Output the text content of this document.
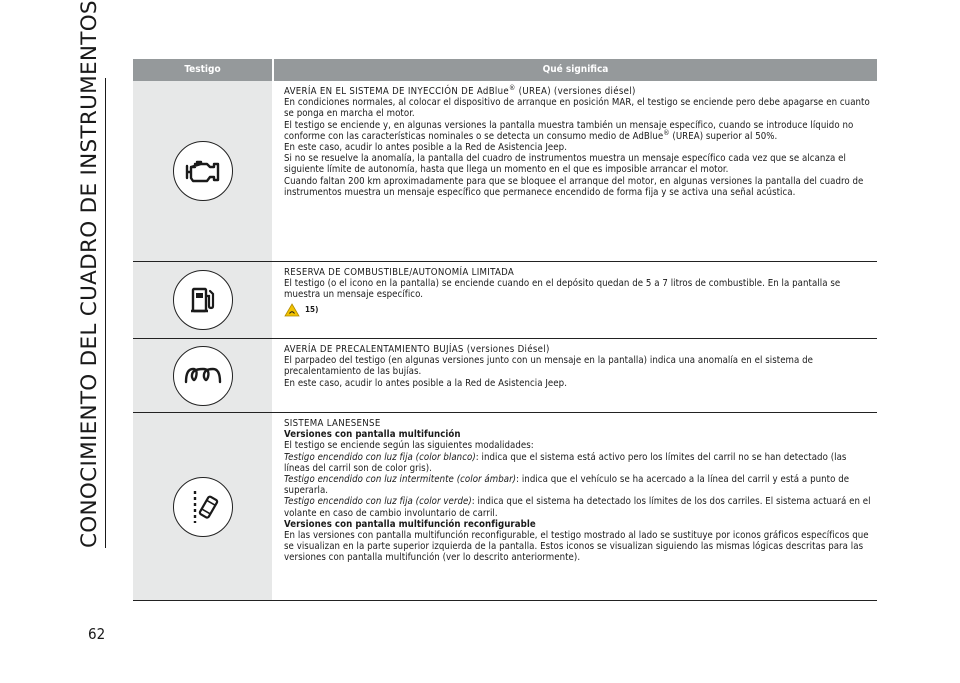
CONOCIMIENTO DEL CUADRO DE INSTRUMENTOS
62
Testigo	Qué significa

AVERÍA EN EL SISTEMA DE INYECCIÓN DE AdBlue® (UREA) (versiones diésel)

En condiciones normales, al colocar el dispositivo de arranque en posición MAR, el testigo se enciende pero debe apagarse en cuanto se ponga en marcha el motor.

El testigo se enciende y, en algunas versiones la pantalla muestra también un mensaje específico, cuando se introduce líquido no conforme con las características nominales o se detecta un consumo medio de AdBlue® (UREA) superior al 50%.

En este caso, acudir lo antes posible a la Red de Asistencia Jeep.

Si no se resuelve la anomalía, la pantalla del cuadro de instrumentos muestra un mensaje específico cada vez que se alcanza el siguiente límite de autonomía, hasta que llega un momento en el que es imposible arrancar el motor.

Cuando faltan 200 km aproximadamente para que se bloquee el arranque del motor, en algunas versiones la pantalla del cuadro de instrumentos muestra un mensaje específico que permanece encendido de forma fija y se activa una señal acústica.

RESERVA DE COMBUSTIBLE/AUTONOMÍA LIMITADA

El testigo (o el icono en la pantalla) se enciende cuando en el depósito quedan de 5 a 7 litros de combustible. En la pantalla se muestra un mensaje específico.

15)

AVERÍA DE PRECALENTAMIENTO BUJÍAS (versiones Diésel)

El parpadeo del testigo (en algunas versiones junto con un mensaje en la pantalla) indica una anomalía en el sistema de precalentamiento de las bujías.

En este caso, acudir lo antes posible a la Red de Asistencia Jeep.

SISTEMA LANESENSE

Versiones con pantalla multifunción

El testigo se enciende según las siguientes modalidades:

Testigo encendido con luz fija (color blanco): indica que el sistema está activo pero los límites del carril no se han detectado (las líneas del carril son de color gris).

Testigo encendido con luz intermitente (color ámbar): indica que el vehículo se ha acercado a la línea del carril y está a punto de superarla.

Testigo encendido con luz fija (color verde): indica que el sistema ha detectado los límites de los dos carriles. El sistema actuará en el volante en caso de cambio involuntario de carril.

Versiones con pantalla multifunción reconfigurable

En las versiones con pantalla multifunción reconfigurable, el testigo mostrado al lado se sustituye por iconos gráficos específicos que se visualizan en la parte superior izquierda de la pantalla. Estos iconos se visualizan siguiendo las mismas lógicas descritas para las versiones con pantalla multifunción (ver lo descrito anteriormente).
